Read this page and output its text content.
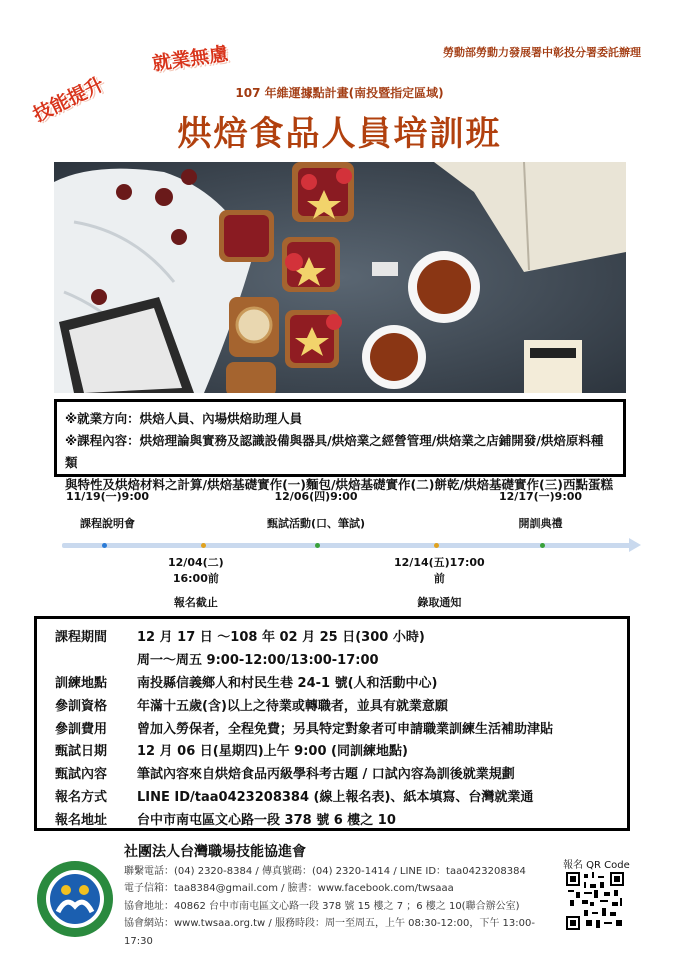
技能提升
就業無慮	勞動部勞動力發展署中彰投分署委託辦理
107 年維運據點計畫(南投暨指定區域)
烘焙食品人員培訓班
※就業方向：烘焙人員、內場烘焙助理人員
※課程內容：烘焙理論與實務及認識設備與器具/烘焙業之經營管理/烘焙業之店鋪開發/烘焙原料種類
與特性及烘焙材料之計算/烘焙基礎實作(一)麵包/烘焙基礎實作(二)餅乾/烘焙基礎實作(三)西點蛋糕
11/19(一)9:00
課程說明會
12/06(四)9:00
甄試活動(口、筆試)
12/17(一)9:00
開訓典禮
12/04(二)
16:00前
報名截止
12/14(五)17:00
前
錄取通知
課程期間	12 月 17 日 ～108 年 02 月 25 日(300 小時)
周一～周五 9:00-12:00/13:00-17:00
訓練地點	南投縣信義鄉人和村民生巷 24-1 號(人和活動中心)
參訓資格	年滿十五歲(含)以上之待業或轉職者，並具有就業意願
參訓費用	曾加入勞保者，全程免費；另具特定對象者可申請職業訓練生活補助津貼
甄試日期	12 月 06 日(星期四)上午 9:00 (同訓練地點)
甄試內容	筆試內容來自烘焙食品丙級學科考古題 / 口試內容為訓後就業規劃
報名方式	LINE ID/taa0423208384 (線上報名表)、紙本填寫、台灣就業通
報名地址	台中市南屯區文心路一段 378 號 6 樓之 10
社團法人台灣職場技能協進會
聯繫電話：(04) 2320-8384 / 傳真號碼：(04) 2320-1414 / LINE ID：taa0423208384
電子信箱：taa8384@gmail.com / 臉書：www.facebook.com/twsaaa
協會地址：40862 台中市南屯區文心路一段 378 號 15 樓之 7 ；6 樓之 10(聯合辦公室)
協會網站：www.twsaa.org.tw / 服務時段：周一至周五，上午 08:30-12:00，下午 13:00-17:30
報名 QR Code
